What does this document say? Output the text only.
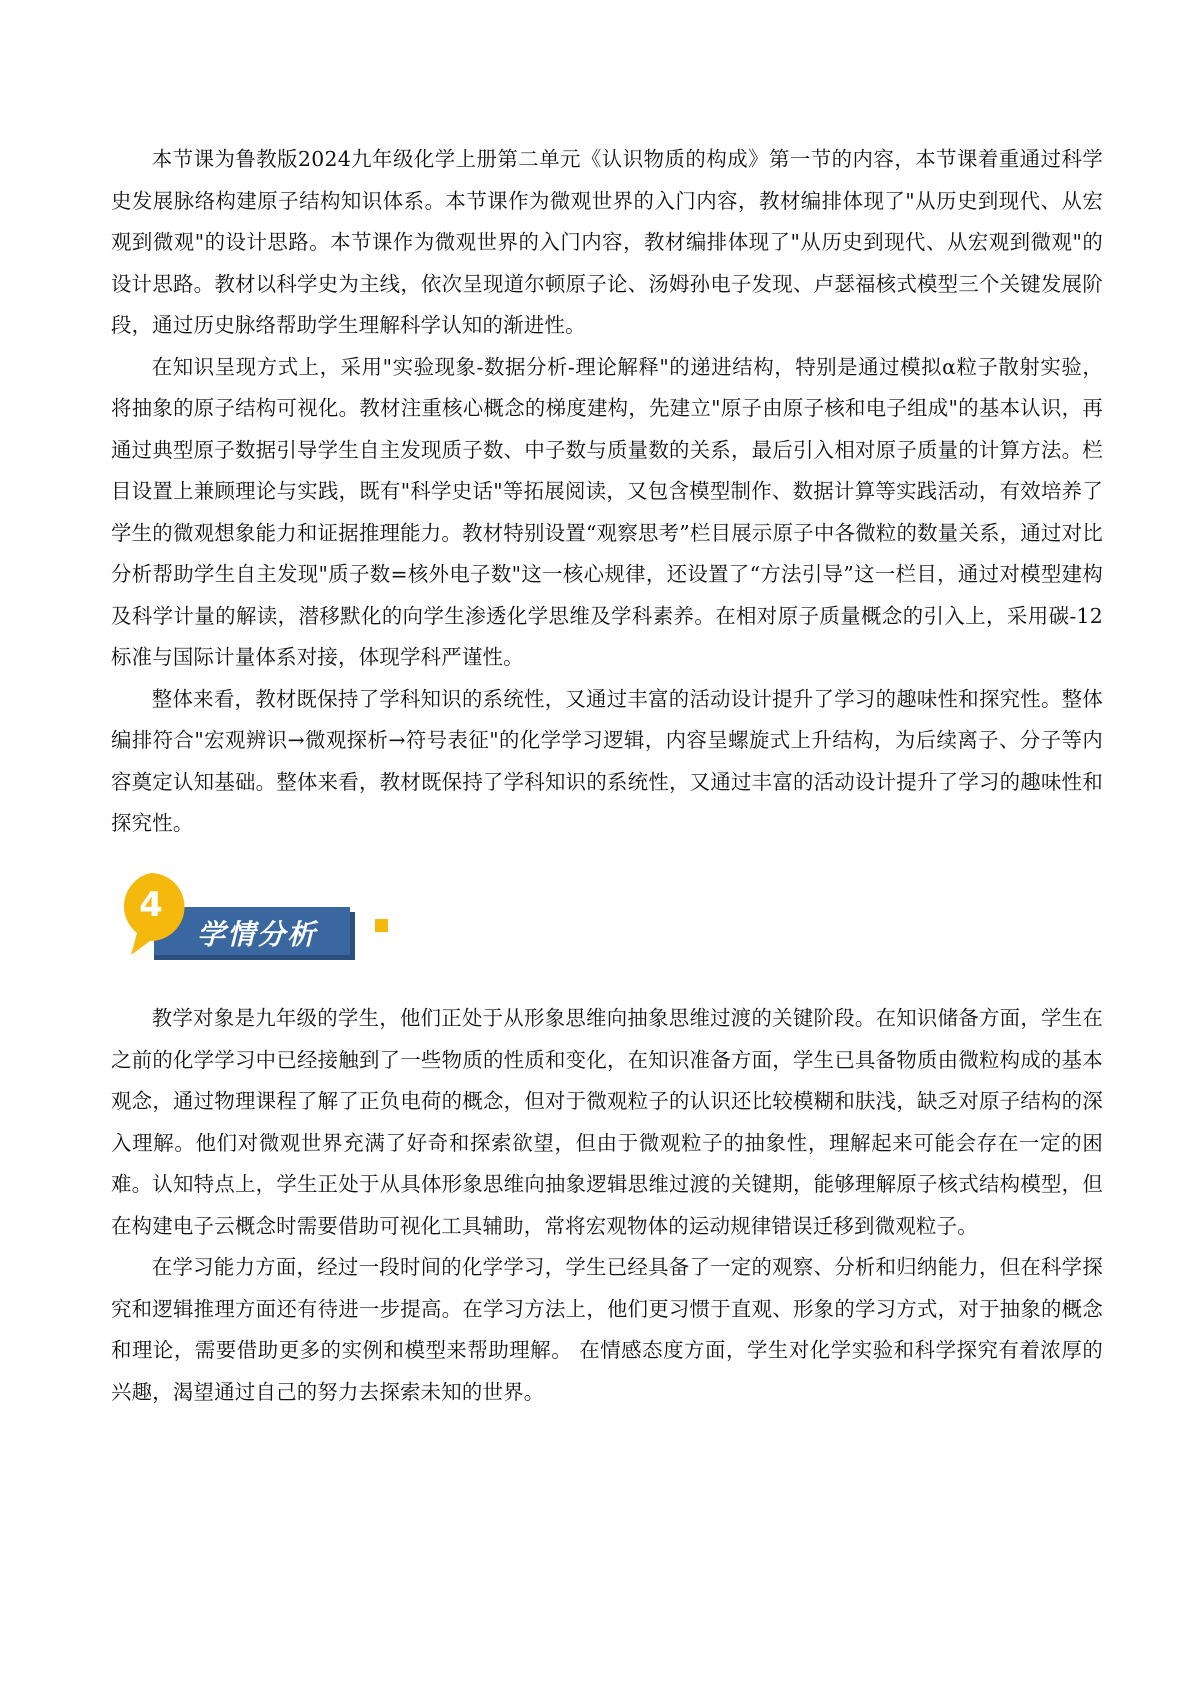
本节课为鲁教版2024九年级化学上册第二单元《认识物质的构成》第一节的内容，本节课着重通过科学史发展脉络构建原子结构知识体系。本节课作为微观世界的入门内容，教材编排体现了"从历史到现代、从宏观到微观"的设计思路。本节课作为微观世界的入门内容，教材编排体现了"从历史到现代、从宏观到微观"的设计思路。教材以科学史为主线，依次呈现道尔顿原子论、汤姆孙电子发现、卢瑟福核式模型三个关键发展阶段，通过历史脉络帮助学生理解科学认知的渐进性。

在知识呈现方式上，采用"实验现象-数据分析-理论解释"的递进结构，特别是通过模拟α粒子散射实验，将抽象的原子结构可视化。教材注重核心概念的梯度建构，先建立"原子由原子核和电子组成"的基本认识，再通过典型原子数据引导学生自主发现质子数、中子数与质量数的关系，最后引入相对原子质量的计算方法。栏目设置上兼顾理论与实践，既有"科学史话"等拓展阅读，又包含模型制作、数据计算等实践活动，有效培养了学生的微观想象能力和证据推理能力。教材特别设置“观察思考”栏目展示原子中各微粒的数量关系，通过对比分析帮助学生自主发现"质子数=核外电子数"这一核心规律，还设置了“方法引导”这一栏目，通过对模型建构及科学计量的解读，潜移默化的向学生渗透化学思维及学科素养。在相对原子质量概念的引入上，采用碳-12标准与国际计量体系对接，体现学科严谨性。

整体来看，教材既保持了学科知识的系统性，又通过丰富的活动设计提升了学习的趣味性和探究性。整体编排符合"宏观辨识→微观探析→符号表征"的化学学习逻辑，内容呈螺旋式上升结构，为后续离子、分子等内容奠定认知基础。整体来看，教材既保持了学科知识的系统性，又通过丰富的活动设计提升了学习的趣味性和探究性。

4
学情分析

教学对象是九年级的学生，他们正处于从形象思维向抽象思维过渡的关键阶段。在知识储备方面，学生在之前的化学学习中已经接触到了一些物质的性质和变化，在知识准备方面，学生已具备物质由微粒构成的基本观念，通过物理课程了解了正负电荷的概念，但对于微观粒子的认识还比较模糊和肤浅，缺乏对原子结构的深入理解。他们对微观世界充满了好奇和探索欲望，但由于微观粒子的抽象性，理解起来可能会存在一定的困难。认知特点上，学生正处于从具体形象思维向抽象逻辑思维过渡的关键期，能够理解原子核式结构模型，但在构建电子云概念时需要借助可视化工具辅助，常将宏观物体的运动规律错误迁移到微观粒子。

在学习能力方面，经过一段时间的化学学习，学生已经具备了一定的观察、分析和归纳能力，但在科学探究和逻辑推理方面还有待进一步提高。在学习方法上，他们更习惯于直观、形象的学习方式，对于抽象的概念和理论，需要借助更多的实例和模型来帮助理解。 在情感态度方面，学生对化学实验和科学探究有着浓厚的兴趣，渴望通过自己的努力去探索未知的世界。
